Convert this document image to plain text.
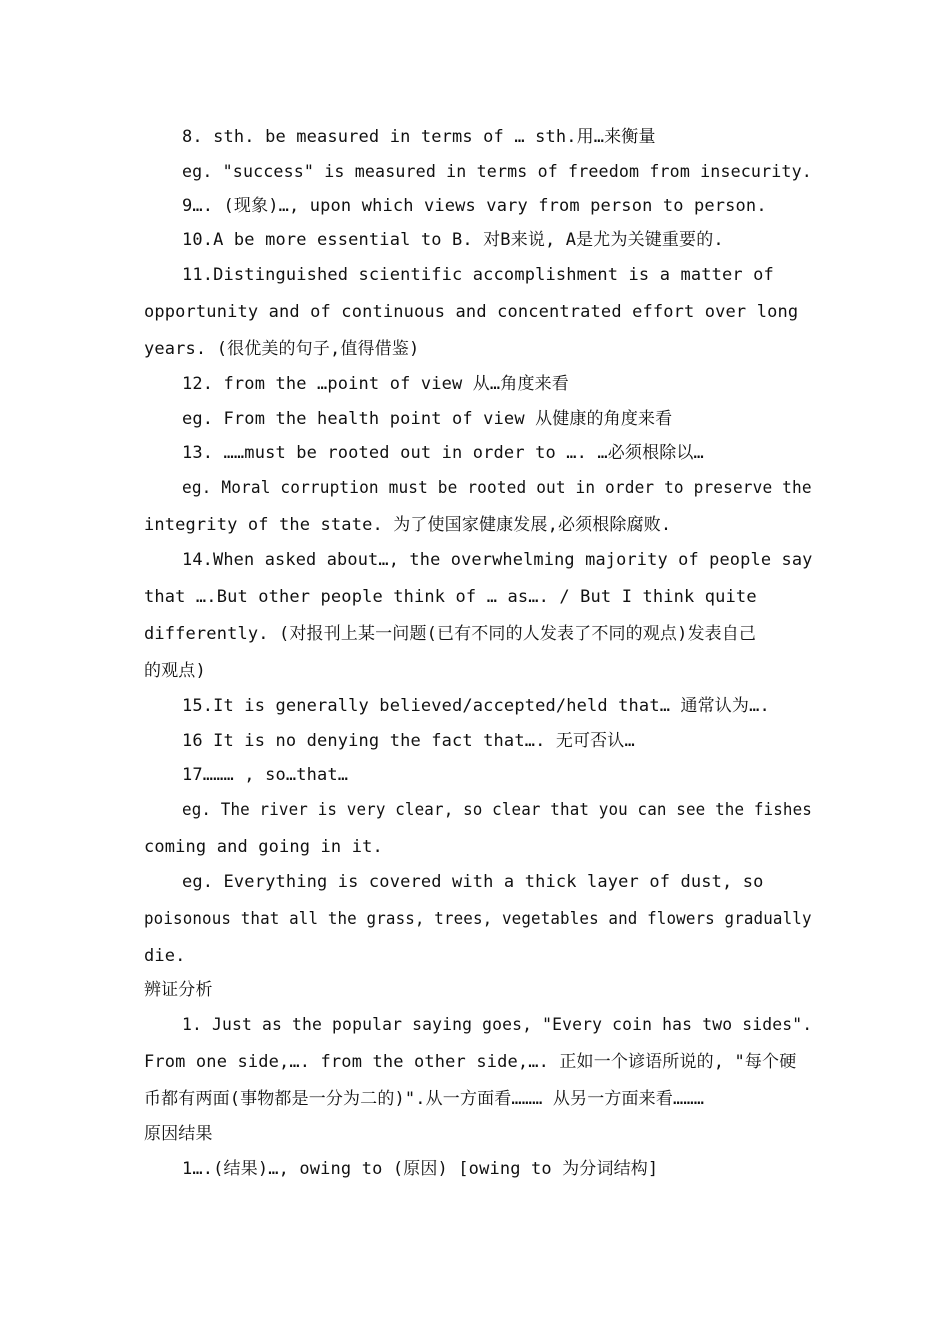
8. sth. be measured in terms of … sth.用…来衡量
eg. "success" is measured in terms of freedom from insecurity.
9…. (现象)…, upon which views vary from person to person.
10.A be more essential to B. 对B来说, A是尤为关键重要的.
11.Distinguished scientific accomplishment is a matter of
opportunity and of continuous and concentrated effort over long
years. (很优美的句子,值得借鉴)
12. from the …point of view 从…角度来看
eg. From the health point of view 从健康的角度来看
13. ……must be rooted out in order to …. …必须根除以…
eg. Moral corruption must be rooted out in order to preserve the
integrity of the state. 为了使国家健康发展,必须根除腐败.
14.When asked about…, the overwhelming majority of people say
that ….But other people think of … as…. / But I think quite
differently. (对报刊上某一问题(已有不同的人发表了不同的观点)发表自己
的观点)
15.It is generally believed/accepted/held that… 通常认为….
16 It is no denying the fact that…. 无可否认…
17……… , so…that…
eg. The river is very clear, so clear that you can see the fishes
coming and going in it.
eg. Everything is covered with a thick layer of dust, so
poisonous that all the grass, trees, vegetables and flowers gradually
die.
辨证分析
1. Just as the popular saying goes, "Every coin has two sides".
From one side,…. from the other side,…. 正如一个谚语所说的, "每个硬
币都有两面(事物都是一分为二的)".从一方面看……… 从另一方面来看………
原因结果
1….(结果)…, owing to (原因) [owing to 为分词结构]
